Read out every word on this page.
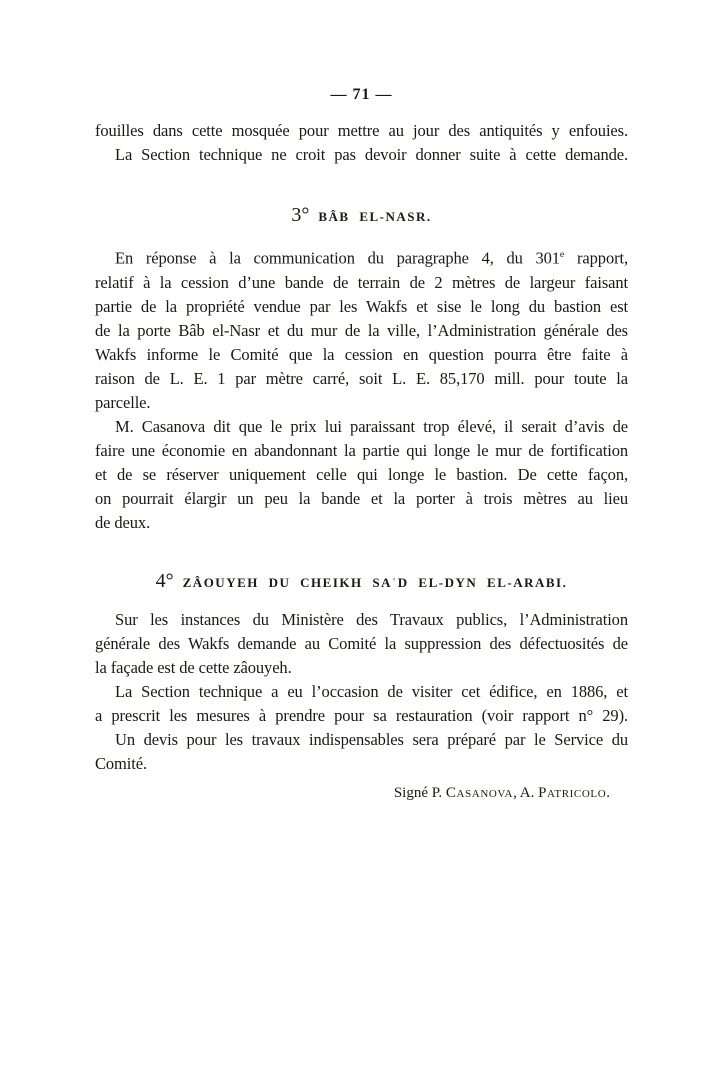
— 71 —
fouilles dans cette mosquée pour mettre au jour des antiquités y enfouies.
La Section technique ne croit pas devoir donner suite à cette demande.
3° BÂB EL-NASR.
En réponse à la communication du paragraphe 4, du 301e rapport,
relatif à la cession d’une bande de terrain de 2 mètres de largeur faisant
partie de la propriété vendue par les Wakfs et sise le long du bastion est
de la porte Bâb el-Nasr et du mur de la ville, l’Administration générale des
Wakfs informe le Comité que la cession en question pourra être faite à
raison de L. E. 1 par mètre carré, soit L. E. 85,170 mill. pour toute la
parcelle.
M. Casanova dit que le prix lui paraissant trop élevé, il serait d’avis de
faire une économie en abandonnant la partie qui longe le mur de fortification
et de se réserver uniquement celle qui longe le bastion. De cette façon,
on pourrait élargir un peu la bande et la porter à trois mètres au lieu
de deux.
4° ZÂOUYEH DU CHEIKH SAʿD EL-DYN EL-ARABI.
Sur les instances du Ministère des Travaux publics, l’Administration
générale des Wakfs demande au Comité la suppression des défectuosités de
la façade est de cette zâouyeh.
La Section technique a eu l’occasion de visiter cet édifice, en 1886, et
a prescrit les mesures à prendre pour sa restauration (voir rapport n° 29).
Un devis pour les travaux indispensables sera préparé par le Service du
Comité.
Signé P. Casanova, A. Patricolo.
